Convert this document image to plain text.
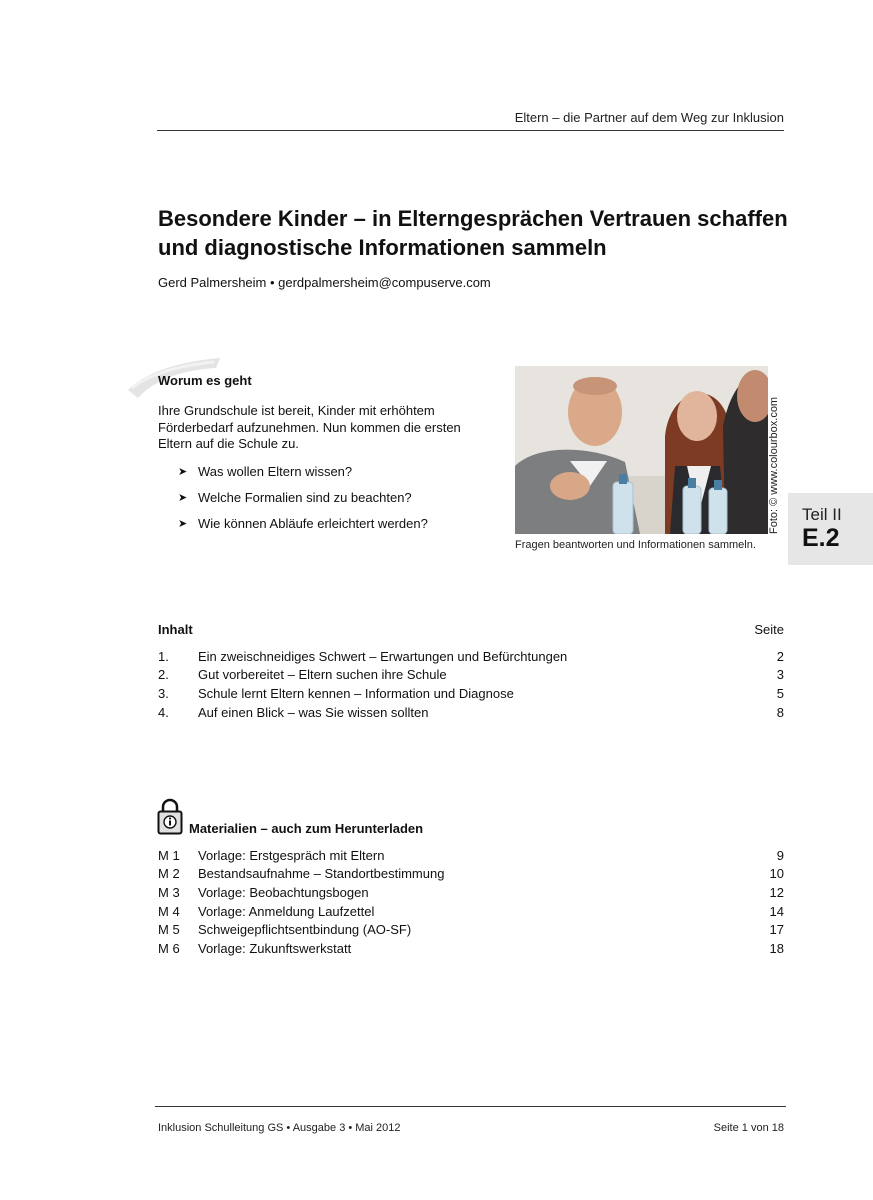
Eltern – die Partner auf dem Weg zur Inklusion
Besondere Kinder – in Elterngesprächen Vertrauen schaffen und diagnostische Informationen sammeln
Gerd Palmersheim • gerdpalmersheim@compuserve.com
Worum es geht
Ihre Grundschule ist bereit, Kinder mit erhöhtem Förderbedarf aufzunehmen. Nun kommen die ersten Eltern auf die Schule zu.
➤ Was wollen Eltern wissen?
➤ Welche Formalien sind zu beachten?
➤ Wie können Abläufe erleichtert werden?	Foto: © www.colourbox.com
Fragen beantworten und Informationen sammeln.
Teil II
E.2
Inhalt	Seite
1. Ein zweischneidiges Schwert – Erwartungen und Befürchtungen	2
2. Gut vorbereitet – Eltern suchen ihre Schule	3
3. Schule lernt Eltern kennen – Information und Diagnose	5
4. Auf einen Blick – was Sie wissen sollten	8
Materialien – auch zum Herunterladen
M 1 Vorlage: Erstgespräch mit Eltern	9
M 2 Bestandsaufnahme – Standortbestimmung	10
M 3 Vorlage: Beobachtungsbogen	12
M 4 Vorlage: Anmeldung Laufzettel	14
M 5 Schweigepflichtsentbindung (AO-SF)	17
M 6 Vorlage: Zukunftswerkstatt	18
Inklusion Schulleitung GS • Ausgabe 3 • Mai 2012	Seite 1 von 18
